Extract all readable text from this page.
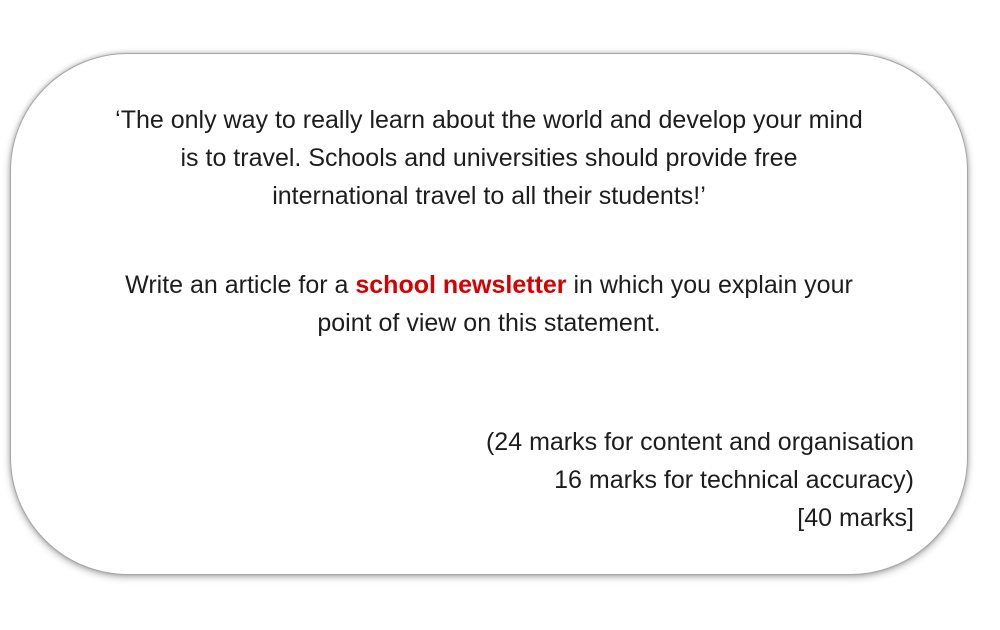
‘The only way to really learn about the world and develop your mind
is to travel. Schools and universities should provide free
international travel to all their students!’
Write an article for a school newsletter in which you explain your
point of view on this statement.
(24 marks for content and organisation
16 marks for technical accuracy)
[40 marks]
